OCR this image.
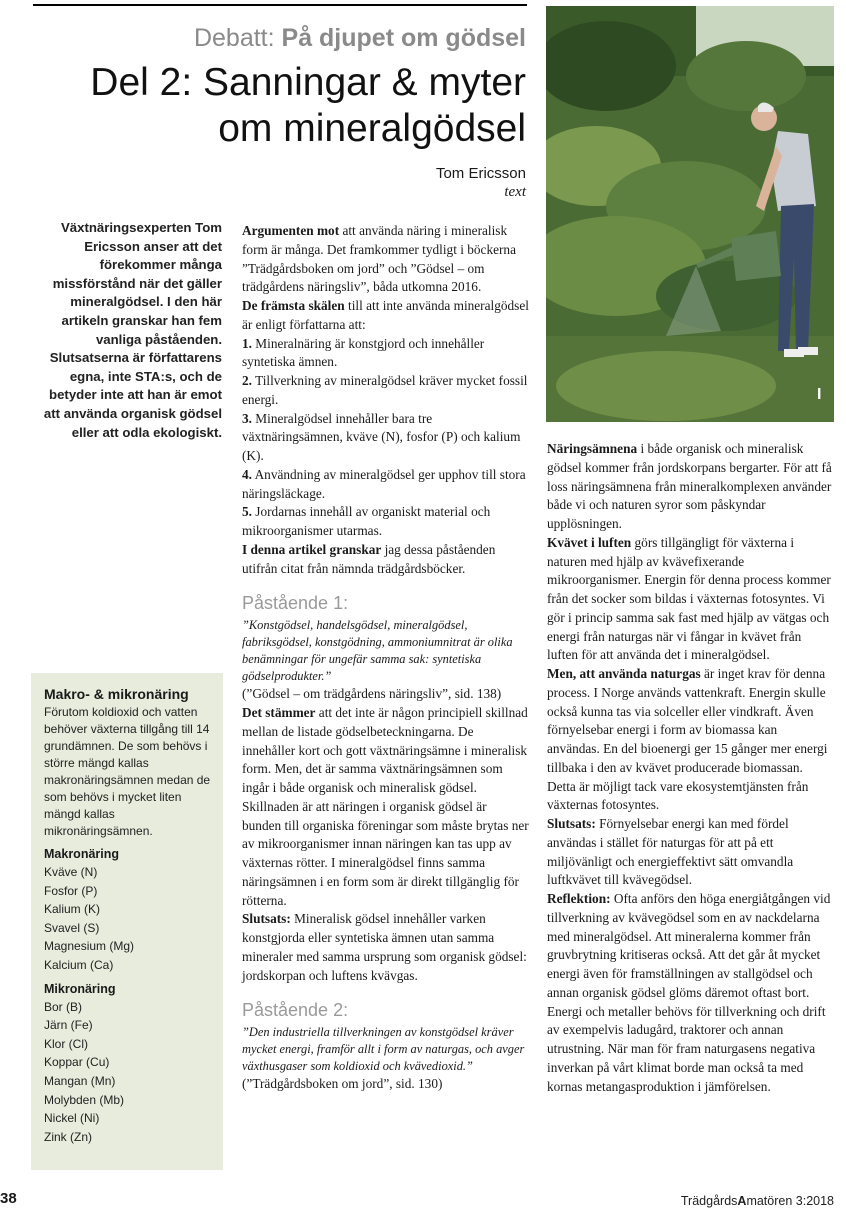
Debatt: På djupet om gödsel
Del 2: Sanningar & myter
om mineralgödsel
Tom Ericsson
text
Växtnäringsexperten Tom Ericsson anser att det förekommer många missförstånd när det gäller mineralgödsel. I den här artikeln granskar han fem vanliga påståenden. Slutsatserna är författarens egna, inte STA:s, och de betyder inte att han är emot att använda organisk gödsel eller att odla ekologiskt.
Makro- & mikronäring
Förutom koldioxid och vatten behöver växterna tillgång till 14 grundämnen. De som behövs i större mängd kallas makronäringsämnen medan de som behövs i mycket liten mängd kallas mikronäringsämnen.
Makronäring
Kväve (N)
Fosfor (P)
Kalium (K)
Svavel (S)
Magnesium (Mg)
Kalcium (Ca)
Mikronäring
Bor (B)
Järn (Fe)
Klor (Cl)
Koppar (Cu)
Mangan (Mn)
Molybden (Mb)
Nickel (Ni)
Zink (Zn)

Argumenten mot att använda näring i mineralisk form är många. Det framkommer tydligt i böckerna ”Trädgårdsboken om jord” och ”Gödsel – om trädgårdens näringsliv”, båda utkomna 2016.

De främsta skälen till att inte använda mineralgödsel är enligt författarna att:

1. Mineralnäring är konstgjord och innehåller syntetiska ämnen.

2. Tillverkning av mineralgödsel kräver mycket fossil energi.

3. Mineralgödsel innehåller bara tre växtnäringsämnen, kväve (N), fosfor (P) och kalium (K).

4. Användning av mineralgödsel ger upphov till stora näringsläckage.

5. Jordarnas innehåll av organiskt material och mikroorganismer utarmas.

I denna artikel granskar jag dessa påståenden utifrån citat från nämnda trädgårdsböcker.

Påstående 1:

”Konstgödsel, handelsgödsel, mineralgödsel, fabriksgödsel, konstgödning, ammoniumnitrat är olika benämningar för ungefär samma sak: syntetiska gödselprodukter.”

(”Gödsel – om trädgårdens näringsliv”, sid. 138)

Det stämmer att det inte är någon principiell skillnad mellan de listade gödselbeteckningarna. De innehåller kort och gott växtnäringsämne i mineralisk form. Men, det är samma växtnäringsämnen som ingår i både organisk och mineralisk gödsel. Skillnaden är att näringen i organisk gödsel är bunden till organiska föreningar som måste brytas ner av mikroorganismer innan näringen kan tas upp av växternas rötter. I mineralgödsel finns samma näringsämnen i en form som är direkt tillgänglig för rötterna.

Slutsats: Mineralisk gödsel innehåller varken konstgjorda eller syntetiska ämnen utan samma mineraler med samma ursprung som organisk gödsel: jordskorpan och luftens kvävgas.

Påstående 2:

”Den industriella tillverkningen av konstgödsel kräver mycket energi, framför allt i form av naturgas, och avger växthusgaser som koldioxid och kvävedioxid.”

(”Trädgårdsboken om jord”, sid. 130)

I

Näringsämnena i både organisk och mineralisk gödsel kommer från jordskorpans bergarter. För att få loss näringsämnena från mineralkomplexen använder både vi och naturen syror som påskyndar upplösningen.

Kvävet i luften görs tillgängligt för växterna i naturen med hjälp av kvävefixerande mikroorganismer. Energin för denna process kommer från det socker som bildas i växternas fotosyntes. Vi gör i princip samma sak fast med hjälp av vätgas och energi från naturgas när vi fångar in kvävet från luften för att använda det i mineralgödsel.

Men, att använda naturgas är inget krav för denna process. I Norge används vattenkraft. Energin skulle också kunna tas via solceller eller vindkraft. Även förnyelsebar energi i form av biomassa kan användas. En del bioenergi ger 15 gånger mer energi tillbaka i den av kvävet producerade biomassan. Detta är möjligt tack vare ekosystemtjänsten från växternas fotosyntes.

Slutsats: Förnyelsebar energi kan med fördel användas i stället för naturgas för att på ett miljövänligt och energieffektivt sätt omvandla luftkvävet till kvävegödsel.

Reflektion: Ofta anförs den höga energiåtgången vid tillverkning av kvävegödsel som en av nackdelarna med mineralgödsel. Att mineralerna kommer från gruvbrytning kritiseras också. Att det går åt mycket energi även för framställningen av stallgödsel och annan organisk gödsel glöms däremot oftast bort. Energi och metaller behövs för tillverkning och drift av exempelvis ladugård, traktorer och annan utrustning. När man för fram naturgasens negativa inverkan på vårt klimat borde man också ta med kornas metangasproduktion i jämförelsen.

38	TrädgårdsAmatören 3:2018
